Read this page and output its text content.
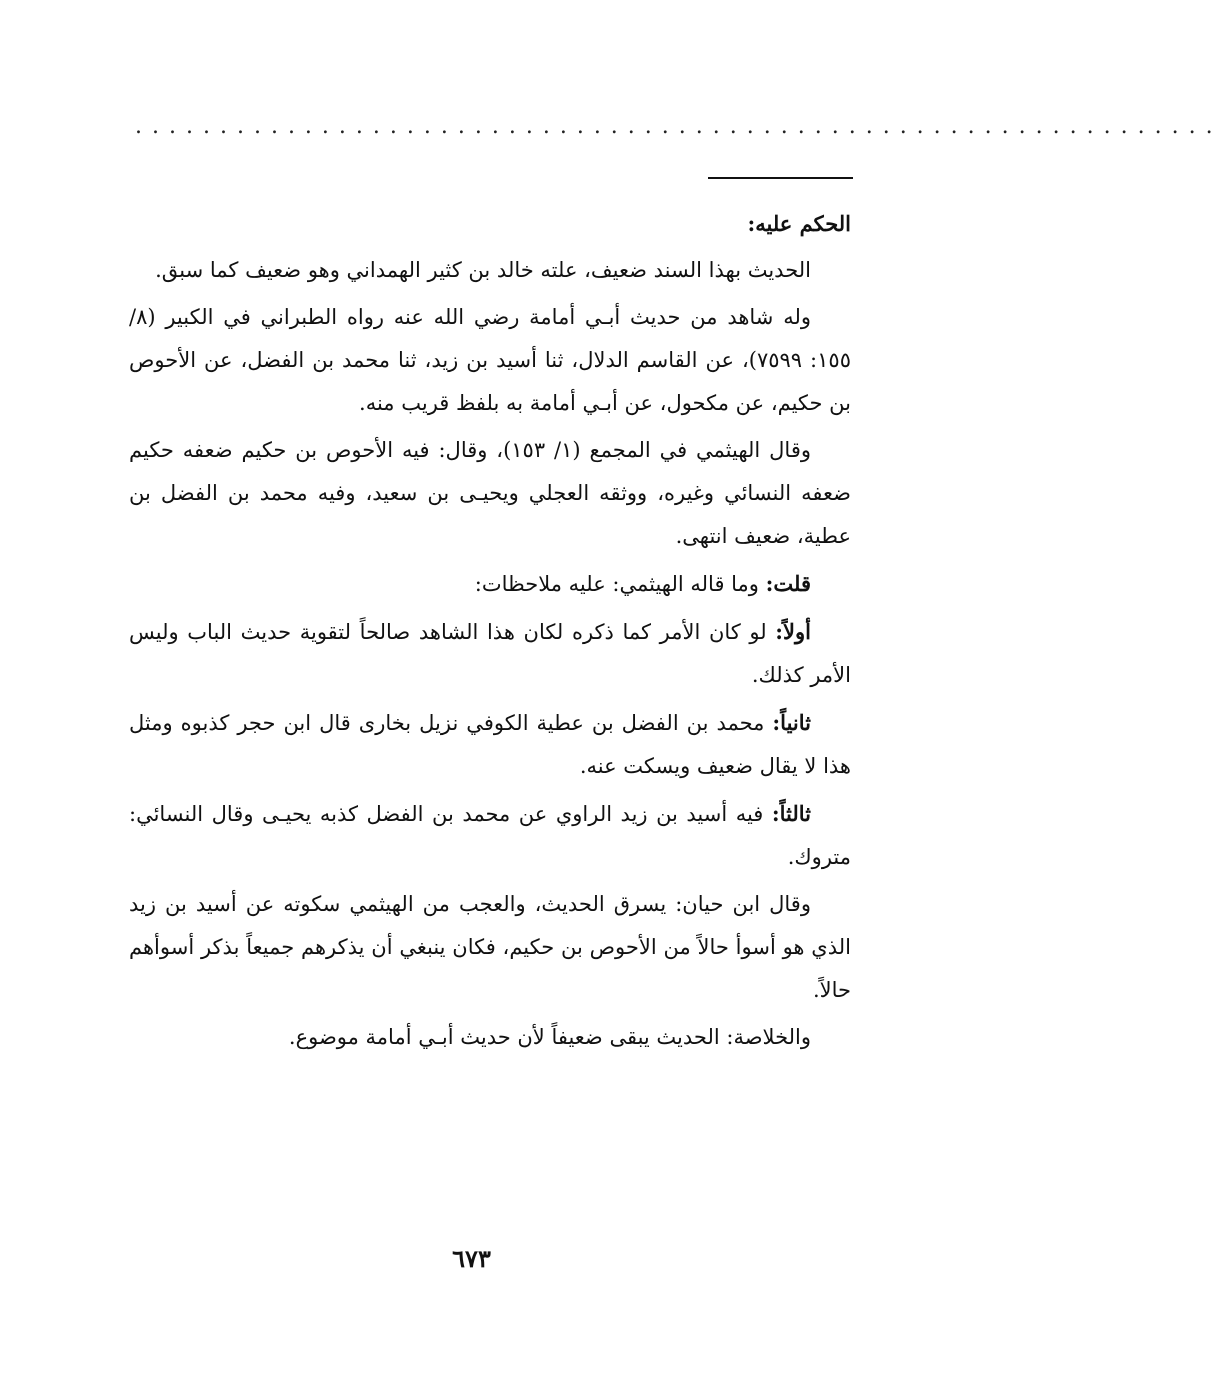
................................................................
الحكم عليه:

الحديث بهذا السند ضعيف، علته خالد بن كثير الهمداني وهو ضعيف كما سبق.

وله شاهد من حديث أبـي أمامة رضي الله عنه رواه الطبراني في الكبير (٨/ ١٥٥: ٧٥٩٩)، عن القاسم الدلال، ثنا أسيد بن زيد، ثنا محمد بن الفضل، عن الأحوص بن حكيم، عن مكحول، عن أبـي أمامة به بلفظ قريب منه.

وقال الهيثمي في المجمع (١/ ١٥٣)، وقال: فيه الأحوص بن حكيم ضعفه حكيم ضعفه النسائي وغيره، ووثقه العجلي ويحيـى بن سعيد، وفيه محمد بن الفضل بن عطية، ضعيف انتهى.

قلت: وما قاله الهيثمي: عليه ملاحظات:

أولاً: لو كان الأمر كما ذكره لكان هذا الشاهد صالحاً لتقوية حديث الباب وليس الأمر كذلك.

ثانياً: محمد بن الفضل بن عطية الكوفي نزيل بخارى قال ابن حجر كذبوه ومثل هذا لا يقال ضعيف ويسكت عنه.

ثالثاً: فيه أسيد بن زيد الراوي عن محمد بن الفضل كذبه يحيـى وقال النسائي: متروك.

وقال ابن حيان: يسرق الحديث، والعجب من الهيثمي سكوته عن أسيد بن زيد الذي هو أسوأ حالاً من الأحوص بن حكيم، فكان ينبغي أن يذكرهم جميعاً بذكر أسوأهم حالاً.

والخلاصة: الحديث يبقى ضعيفاً لأن حديث أبـي أمامة موضوع.

٦٧٣
